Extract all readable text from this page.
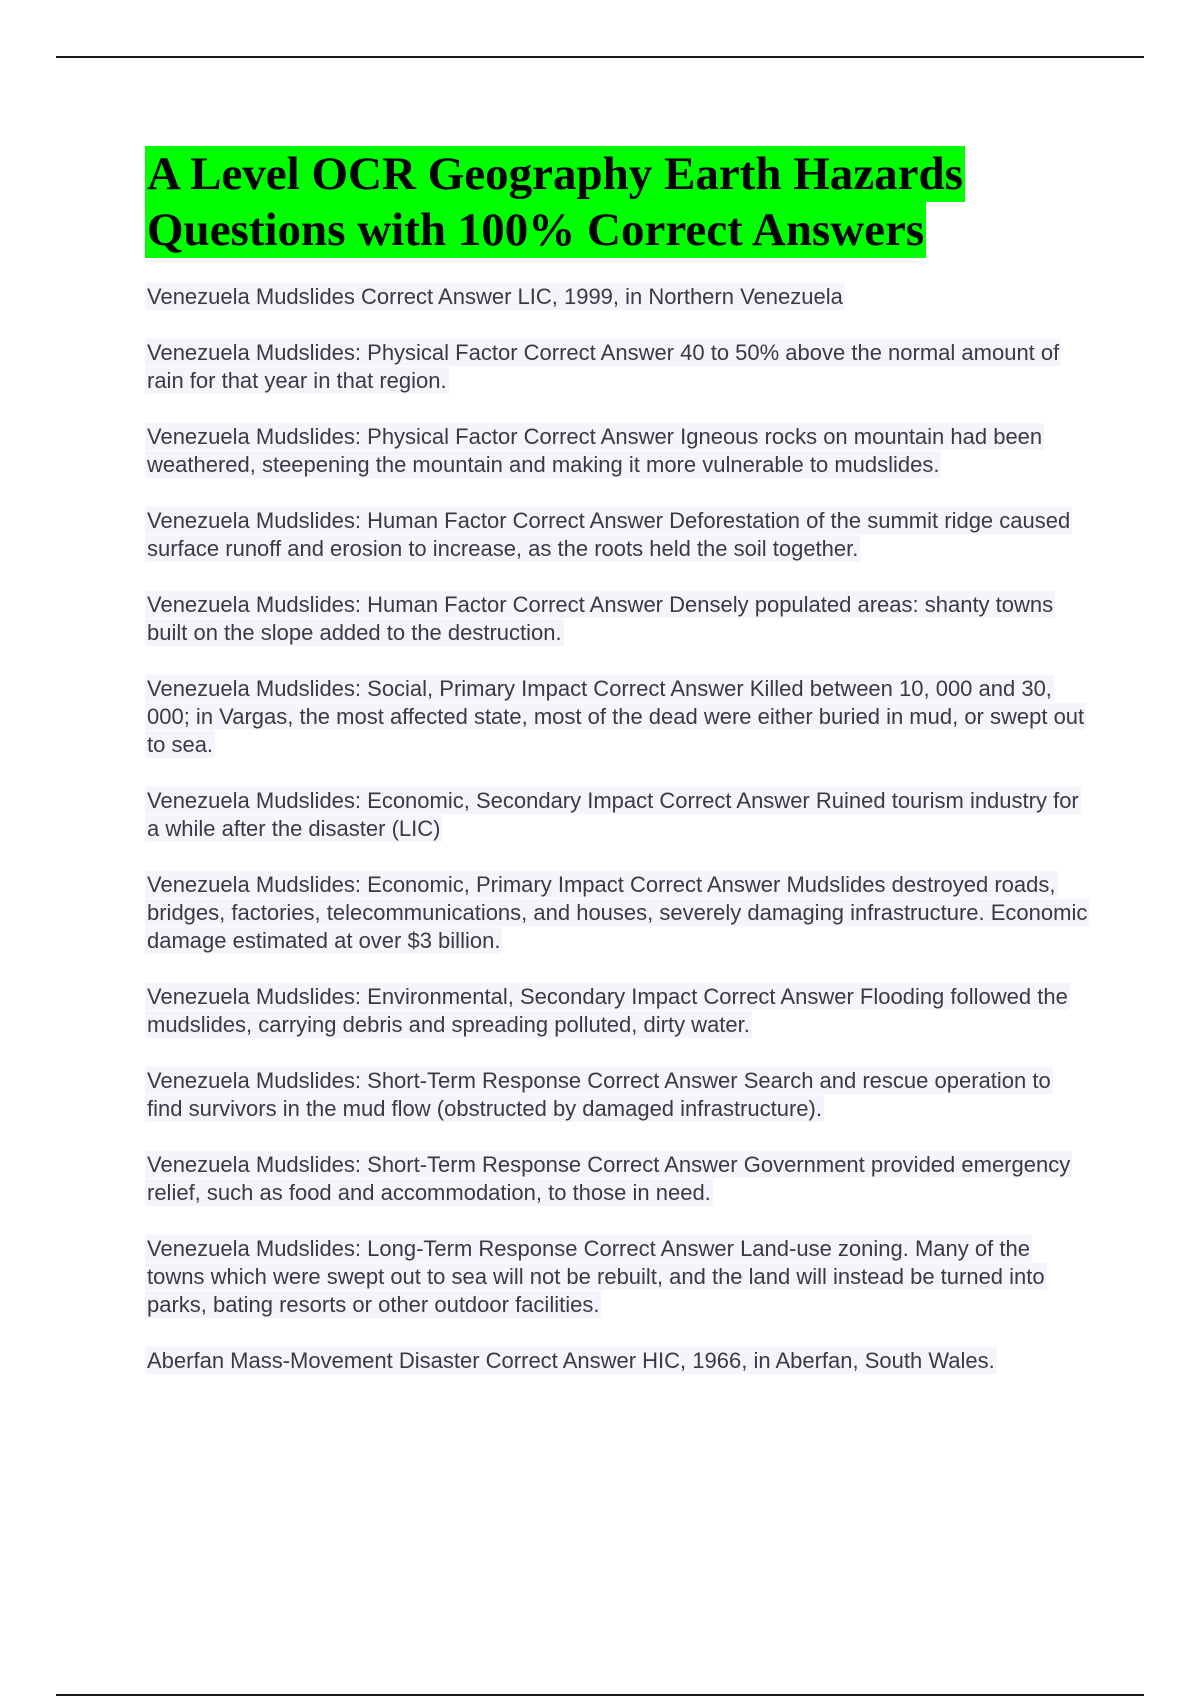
A Level OCR Geography Earth Hazards
Questions with 100% Correct Answers
Venezuela Mudslides Correct Answer LIC, 1999, in Northern Venezuela
Venezuela Mudslides: Physical Factor Correct Answer 40 to 50% above the normal amount of rain for that year in that region.
Venezuela Mudslides: Physical Factor Correct Answer Igneous rocks on mountain had been weathered, steepening the mountain and making it more vulnerable to mudslides.
Venezuela Mudslides: Human Factor Correct Answer Deforestation of the summit ridge caused surface runoff and erosion to increase, as the roots held the soil together.
Venezuela Mudslides: Human Factor Correct Answer Densely populated areas: shanty towns built on the slope added to the destruction.
Venezuela Mudslides: Social, Primary Impact Correct Answer Killed between 10, 000 and 30, 000; in Vargas, the most affected state, most of the dead were either buried in mud, or swept out to sea.
Venezuela Mudslides: Economic, Secondary Impact Correct Answer Ruined tourism industry for a while after the disaster (LIC)
Venezuela Mudslides: Economic, Primary Impact Correct Answer Mudslides destroyed roads, bridges, factories, telecommunications, and houses, severely damaging infrastructure. Economic damage estimated at over $3 billion.
Venezuela Mudslides: Environmental, Secondary Impact Correct Answer Flooding followed the mudslides, carrying debris and spreading polluted, dirty water.
Venezuela Mudslides: Short-Term Response Correct Answer Search and rescue operation to find survivors in the mud flow (obstructed by damaged infrastructure).
Venezuela Mudslides: Short-Term Response Correct Answer Government provided emergency relief, such as food and accommodation, to those in need.
Venezuela Mudslides: Long-Term Response Correct Answer Land-use zoning. Many of the towns which were swept out to sea will not be rebuilt, and the land will instead be turned into parks, bating resorts or other outdoor facilities.
Aberfan Mass-Movement Disaster Correct Answer HIC, 1966, in Aberfan, South Wales.
